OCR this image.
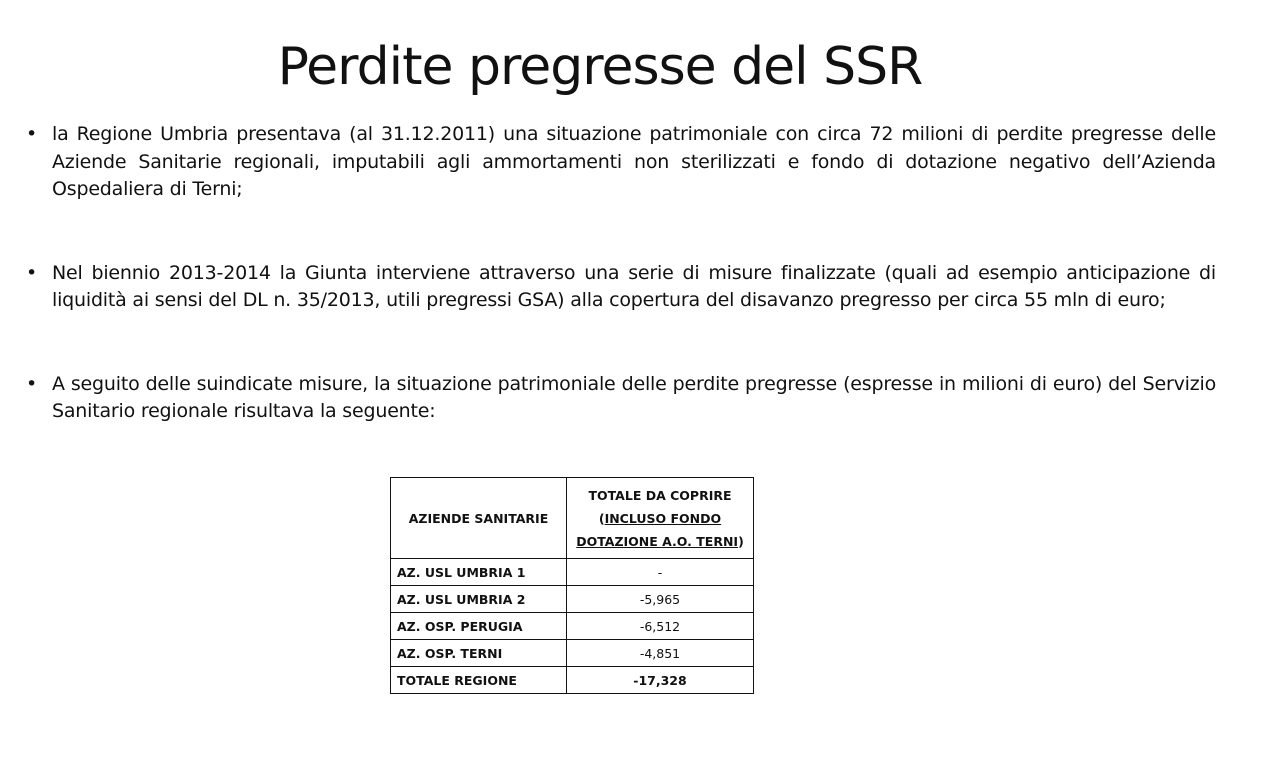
Perdite pregresse del SSR
• la Regione Umbria presentava (al 31.12.2011) una situazione patrimoniale con circa 72 milioni di perdite pregresse delle Aziende Sanitarie regionali, imputabili agli ammortamenti non sterilizzati e fondo di dotazione negativo dell’Azienda Ospedaliera di Terni;
• Nel biennio 2013-2014 la Giunta interviene attraverso una serie di misure finalizzate (quali ad esempio anticipazione di liquidità ai sensi del DL n. 35/2013, utili pregressi GSA) alla copertura del disavanzo pregresso per circa 55 mln di euro;
• A seguito delle suindicate misure, la situazione patrimoniale delle perdite pregresse (espresse in milioni di euro) del Servizio Sanitario regionale risultava la seguente:
AZIENDE SANITARIE	TOTALE DA COPRIRE
(INCLUSO FONDO
DOTAZIONE A.O. TERNI)
AZ. USL UMBRIA 1	-
AZ. USL UMBRIA 2	-5,965
AZ. OSP. PERUGIA	-6,512
AZ. OSP. TERNI	-4,851
TOTALE REGIONE	-17,328
